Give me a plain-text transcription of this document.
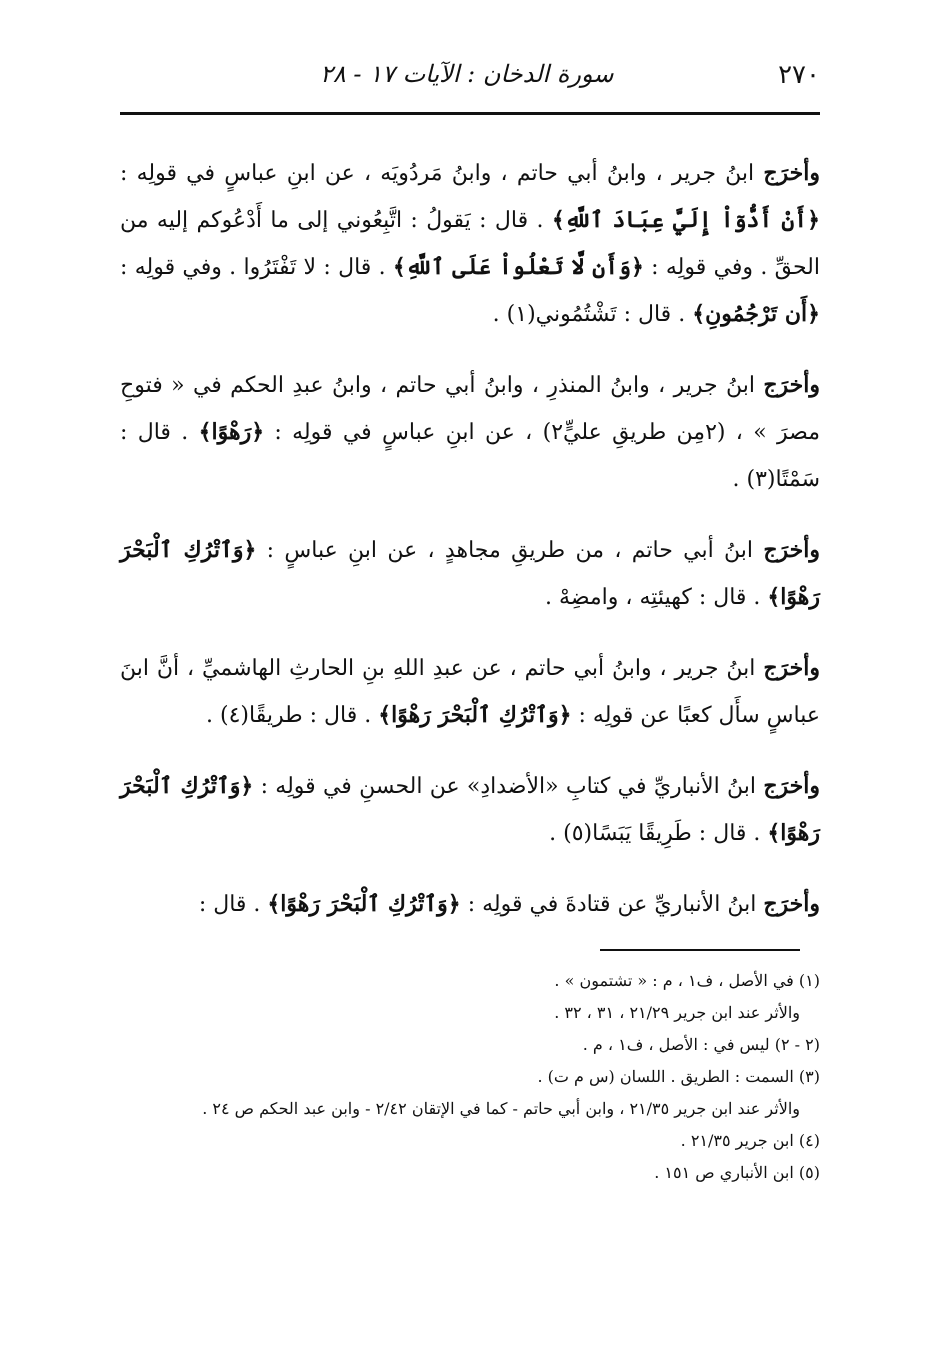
٢٧٠
سورة الدخان : الآيات ١٧ - ٢٨

وأخرَج ابنُ جرير ، وابنُ أبي حاتم ، وابنُ مَردُويَه ، عن ابنِ عباسٍ في قولِه : ﴿أَنْ أَدُّوٓاْ إِلَيَّ عِبَادَ ٱللَّهِ﴾ . قال : يَقولُ : اتَّبِعُوني إلى ما أَدْعُوكم إليه من الحقِّ . وفي قولِه : ﴿وَأَن لَّا تَعْلُواْ عَلَى ٱللَّهِ﴾ . قال : لا تَفْتَرُوا . وفي قولِه : ﴿أَن تَرْجُمُونِ﴾ . قال : تَشْتُمُوني(١) .

وأخرَج ابنُ جرير ، وابنُ المنذرِ ، وابنُ أبي حاتم ، وابنُ عبدِ الحكم في « فتوحِ مصرَ » ، (٢مِن طريقِ عليٍّ٢) ، عن ابنِ عباسٍ في قولِه : ﴿رَهْوًا﴾ . قال : سَمْتًا(٣) .

وأخرَج ابنُ أبي حاتم ، من طريقِ مجاهدٍ ، عن ابنِ عباسٍ : ﴿وَٱتْرُكِ ٱلْبَحْرَ رَهْوًا﴾ . قال : كهيئتِه ، وامضِهْ .

وأخرَج ابنُ جرير ، وابنُ أبي حاتم ، عن عبدِ اللهِ بنِ الحارثِ الهاشميِّ ، أنَّ ابنَ عباسٍ سأَل كعبًا عن قولِه : ﴿وَٱتْرُكِ ٱلْبَحْرَ رَهْوًا﴾ . قال : طريقًا(٤) .

وأخرَج ابنُ الأنباريِّ في كتابِ «الأضدادِ» عن الحسنِ في قولِه : ﴿وَٱتْرُكِ ٱلْبَحْرَ رَهْوًا﴾ . قال : طَرِيقًا يَبَسًا(٥) .

وأخرَج ابنُ الأنباريِّ عن قتادةَ في قولِه : ﴿وَٱتْرُكِ ٱلْبَحْرَ رَهْوًا﴾ . قال :

(١) في الأصل ، ف١ ، م : « تشتمون » .
والأثر عند ابن جرير ٢١/٢٩ ، ٣١ ، ٣٢ .
(٢ - ٢) ليس في : الأصل ، ف١ ، م .
(٣) السمت : الطريق . اللسان (س م ت) .
والأثر عند ابن جرير ٢١/٣٥ ، وابن أبي حاتم - كما في الإتقان ٢/٤٢ - وابن عبد الحكم ص ٢٤ .
(٤) ابن جرير ٢١/٣٥ .
(٥) ابن الأنباري ص ١٥١ .
